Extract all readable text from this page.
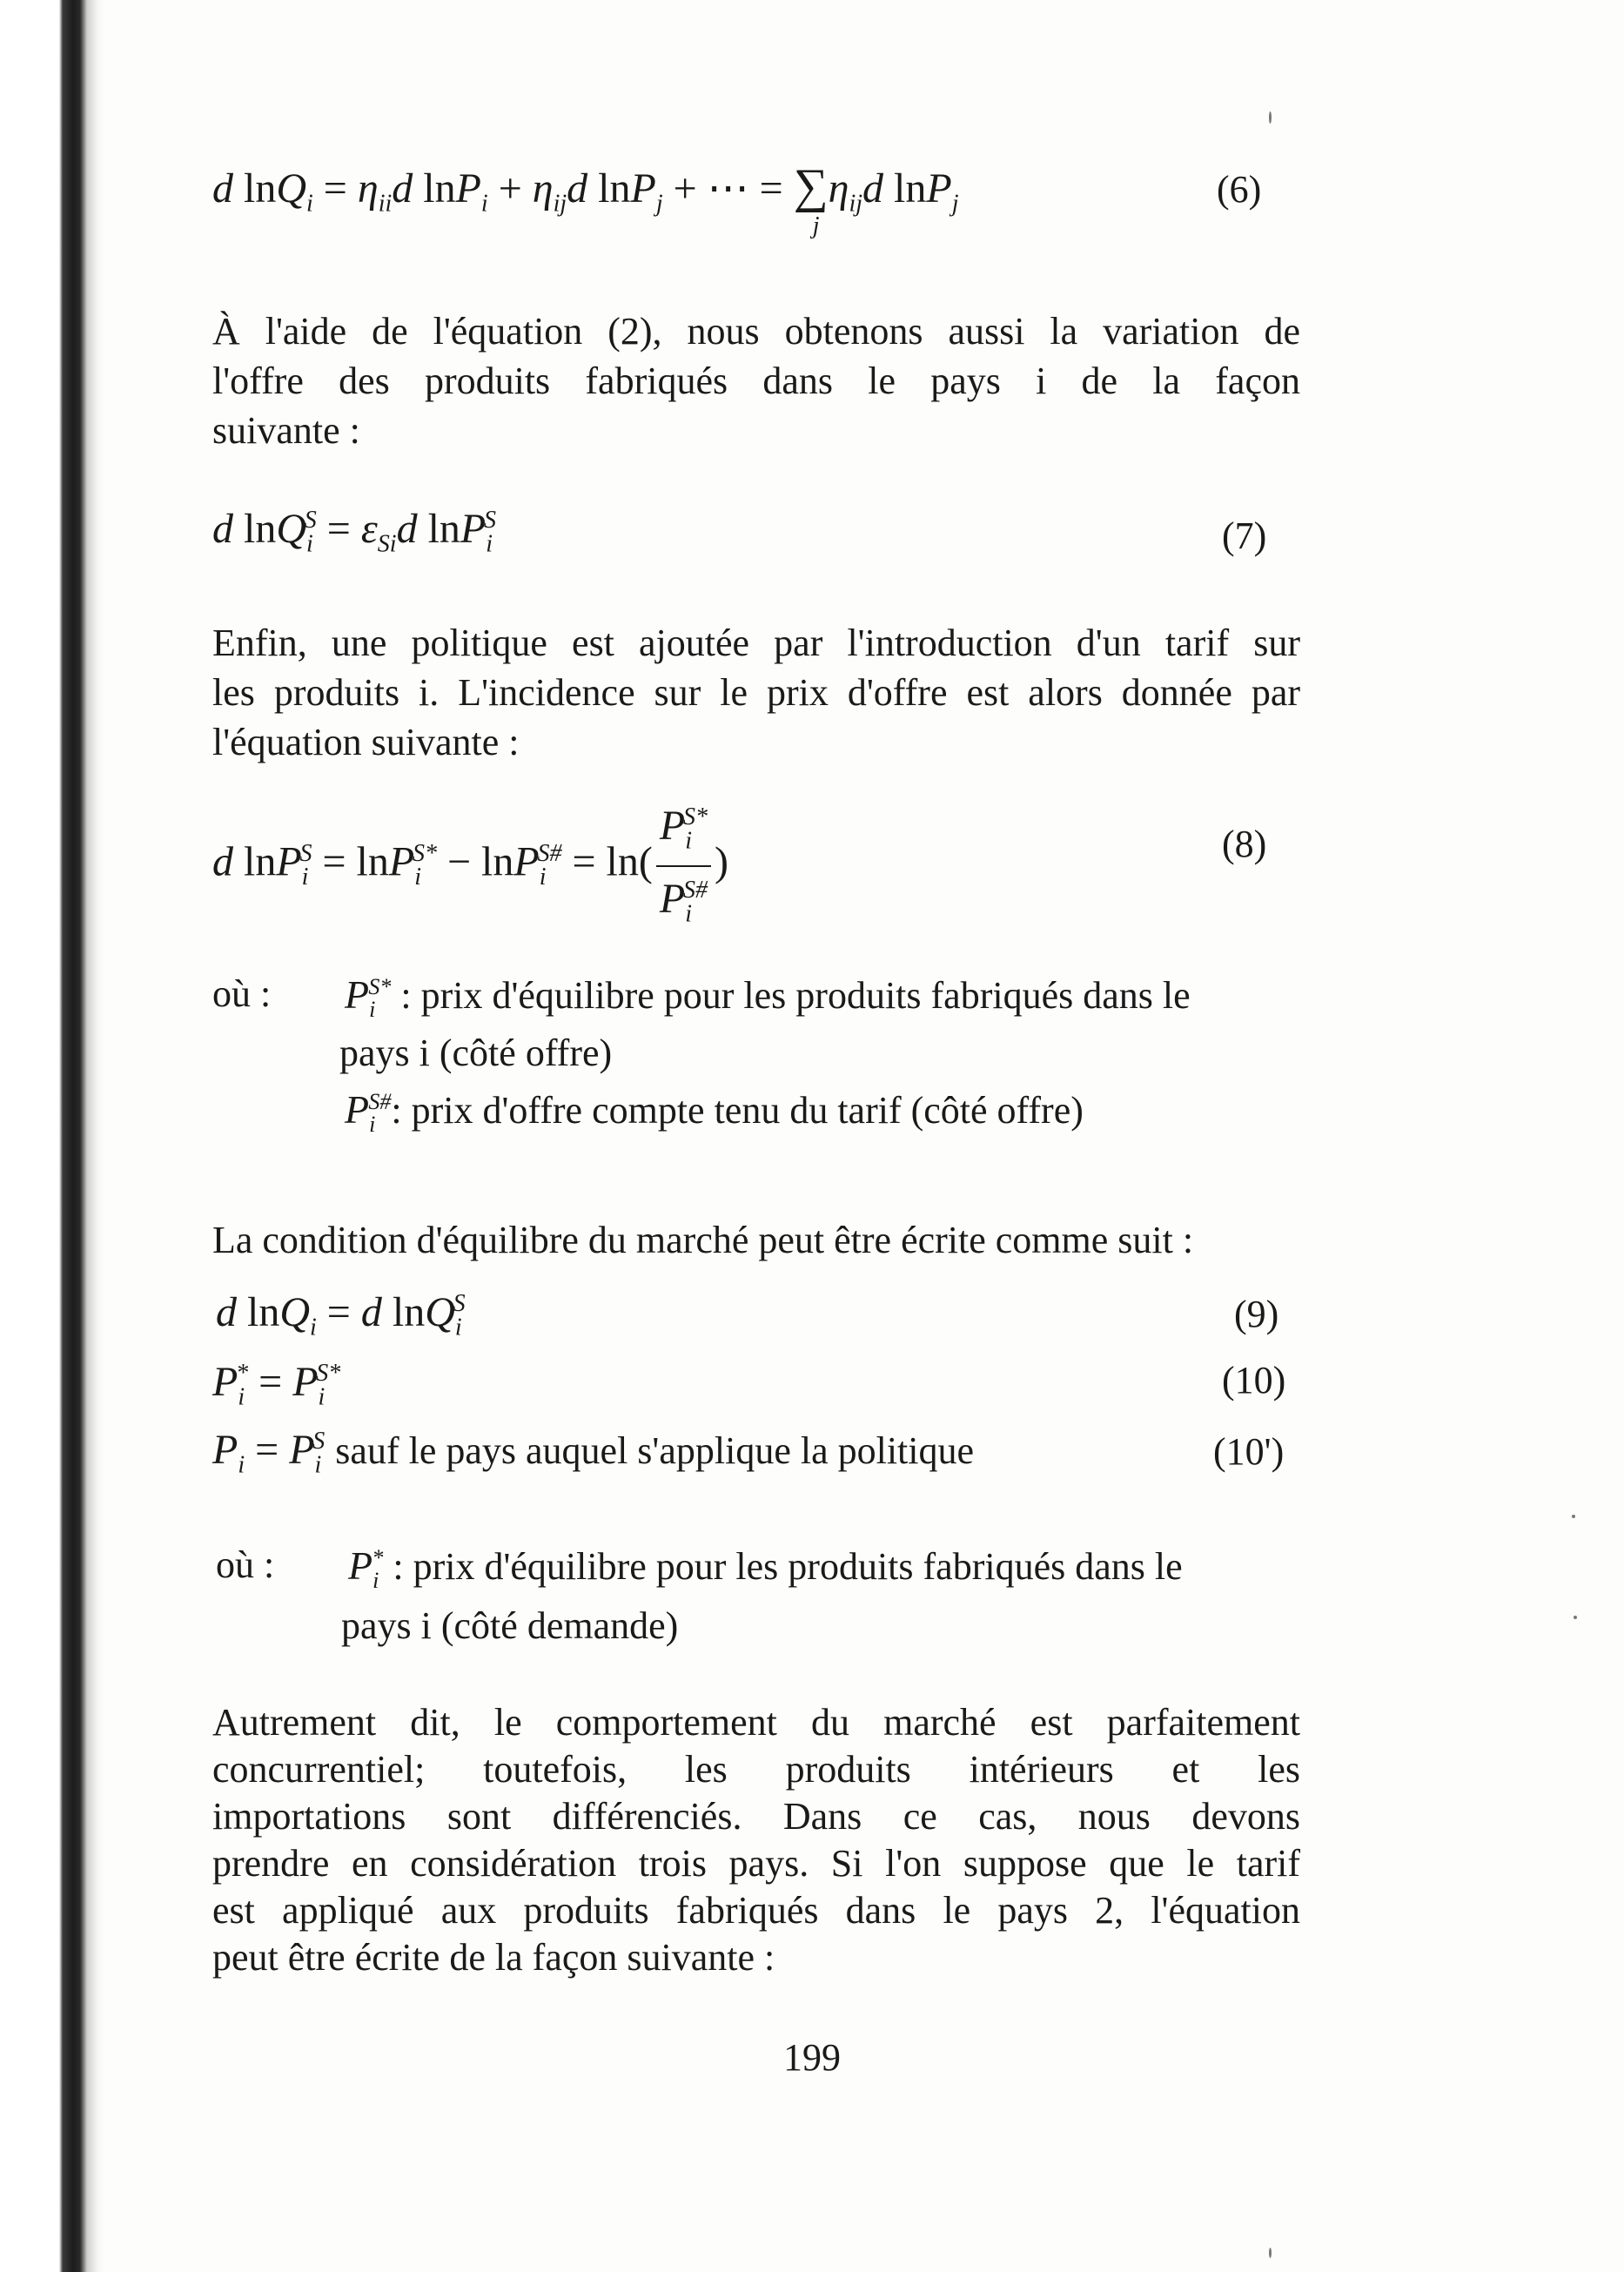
d $\ln Q_i = \eta_{ii}d$ $\ln P_i + \eta_{ij}d$ lnP$_j$ + ⋯ = ∑
j
$\eta_{ij}d$ lnP$_j$	(6)
À l'aide de l'équation (2), nous obtenons aussi la variation de
l'offre des produits fabriqués dans le pays i de la façon
suivante :
d $\ln Q_i^S = \varepsilon_{Si}d$ lnP$_i^S$	(7)
Enfin, une politique est ajoutée par l'introduction d'un tarif sur
les produits i. L'incidence sur le prix d'offre est alors donnée par
l'équation suivante :
d $\ln P_i^S = \ln P_i^{S*} - \ln P_i^{S\#} = \ln( \frac{P_i^{S*}}{P_i^{S\#}}$ )	(8)
où : $P_i^{S*}$ : prix d'équilibre pour les produits fabriqués dans le
pays i (côté offre)
$P_i^{S\#}$: prix d'offre compte tenu du tarif (côté offre)
La condition d'équilibre du marché peut être écrite comme suit :
d lnQ$_i$ = d lnQ$_i^S$	(9)
$P_i^* = P_i^{S*}$	(10)
$P_i = P_i^S$ sauf le pays auquel s'applique la politique	(10')
où : $P_i^*$ : prix d'équilibre pour les produits fabriqués dans le
pays i (côté demande)
Autrement dit, le comportement du marché est parfaitement
concurrentiel; toutefois, les produits intérieurs et les
importations sont différenciés. Dans ce cas, nous devons
prendre en considération trois pays. Si l'on suppose que le tarif
est appliqué aux produits fabriqués dans le pays 2, l'équation
peut être écrite de la façon suivante :
199
